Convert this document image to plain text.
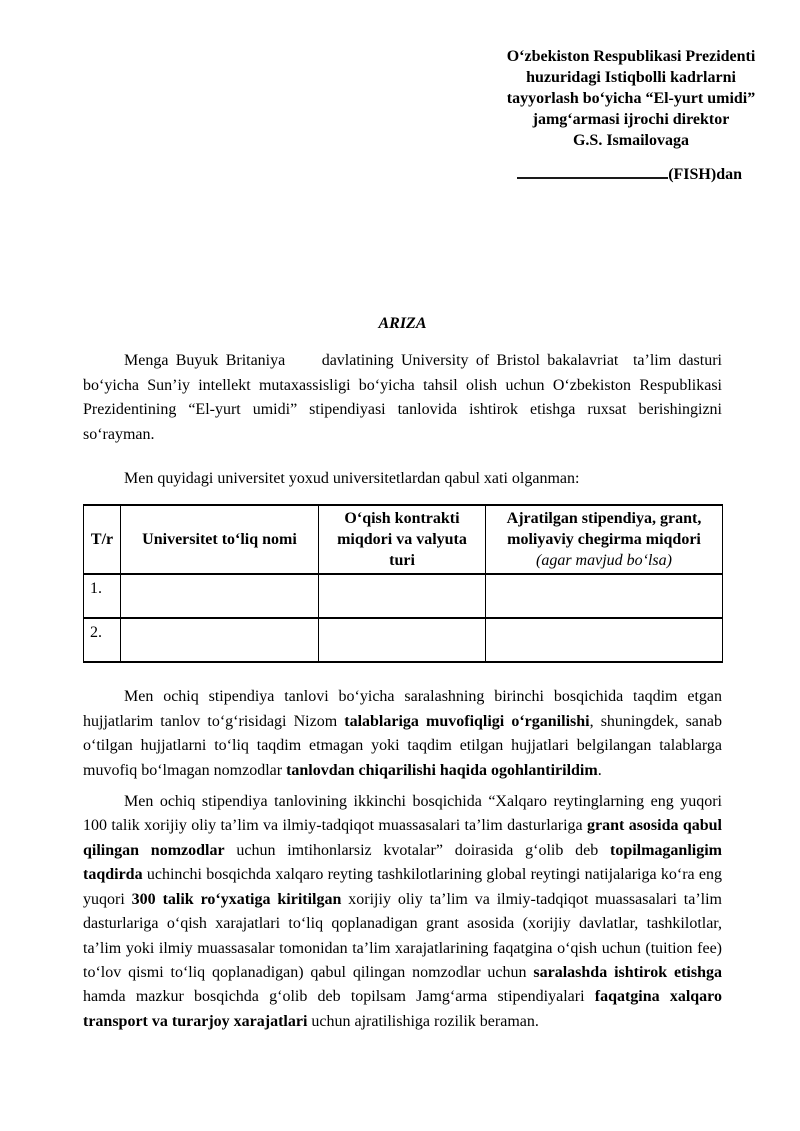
O‘zbekiston Respublikasi Prezidenti
huzuridagi Istiqbolli kadrlarni
tayyorlash bo‘yicha “El-yurt umidi”
jamg‘armasi ijrochi direktor
G.S. Ismailovaga
(FISH)dan
ARIZA

Menga Buyuk Britaniya     davlatining University of Bristol bakalavriat  ta’lim dasturi bo‘yicha Sun’iy intellekt mutaxassisligi bo‘yicha tahsil olish uchun O‘zbekiston Respublikasi Prezidentining “El-yurt umidi” stipendiyasi tanlovida ishtirok etishga ruxsat berishingizni so‘rayman.

Men quyidagi universitet yoxud universitetlardan qabul xati olganman:

T/r	Universitet to‘liq nomi	O‘qish kontrakti miqdori va valyuta turi	Ajratilgan stipendiya, grant, moliyaviy chegirma miqdori
(agar mavjud bo‘lsa)
1.			
2.			

Men ochiq stipendiya tanlovi bo‘yicha saralashning birinchi bosqichida taqdim etgan hujjatlarim tanlov to‘g‘risidagi Nizom talablariga muvofiqligi o‘rganilishi, shuningdek, sanab o‘tilgan hujjatlarni to‘liq taqdim etmagan yoki taqdim etilgan hujjatlari belgilangan talablarga muvofiq bo‘lmagan nomzodlar tanlovdan chiqarilishi haqida ogohlantirildim.

Men ochiq stipendiya tanlovining ikkinchi bosqichida “Xalqaro reytinglarning eng yuqori 100 talik xorijiy oliy ta’lim va ilmiy-tadqiqot muassasalari ta’lim dasturlariga grant asosida qabul qilingan nomzodlar uchun imtihonlarsiz kvotalar” doirasida g‘olib deb topilmaganligim taqdirda uchinchi bosqichda xalqaro reyting tashkilotlarining global reytingi natijalariga ko‘ra eng yuqori 300 talik ro‘yxatiga kiritilgan xorijiy oliy ta’lim va ilmiy-tadqiqot muassasalari ta’lim dasturlariga o‘qish xarajatlari to‘liq qoplanadigan grant asosida (xorijiy davlatlar, tashkilotlar, ta’lim yoki ilmiy muassasalar tomonidan ta’lim xarajatlarining faqatgina o‘qish uchun (tuition fee) to‘lov qismi to‘liq qoplanadigan) qabul qilingan nomzodlar uchun saralashda ishtirok etishga hamda mazkur bosqichda g‘olib deb topilsam Jamg‘arma stipendiyalari faqatgina xalqaro transport va turarjoy xarajatlari uchun ajratilishiga rozilik beraman.
